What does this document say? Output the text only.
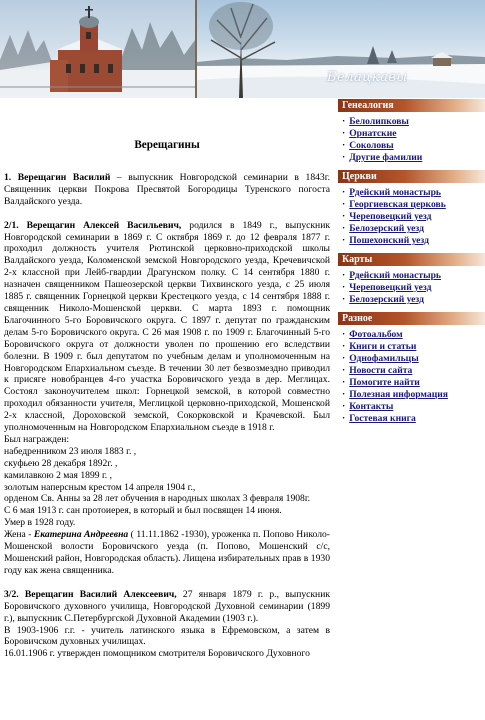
Белацкавы
Верещагины

1. Верещагин Василий – выпускник Новгородской семинарии в 1843г. Священник церкви Покрова Пресвятой Богородицы Туренского погоста Валдайского уезда.

2/1. Верещагин Алексей Васильевич, родился в 1849 г., выпускник Новгородской семинарии в 1869 г. С октября 1869 г. до 12 февраля 1877 г. проходил должность учителя Рютинской церковно-приходской школы Валдайского уезда, Коломенской земской Новгородского уезда, Кречевичской 2-х классной при Лейб-гвардии Драгунском полку. С 14 сентября 1880 г. назначен священником Пашеозерской церкви Тихвинского уезда, с 25 июля 1885 г. священник Горнецкой церкви Крестецкого уезда, с 14 сентября 1888 г. священник Николо-Мошенской церкви. С марта 1893 г. помощник Благочинного 5-го Боровичского округа. С 1897 г. депутат по гражданским делам 5-го Боровичского округа. С 26 мая 1908 г. по 1909 г. Благочинный 5-го Боровичского округа от должности уволен по прошению его вследствии болезни. В 1909 г. был депутатом по учебным делам и уполномоченным на Новгородском Епархиальном съезде. В течении 30 лет безвозмездно приводил к присяге новобранцев 4-го участка Боровичского уезда в дер. Меглицах. Состоял законоучителем школ: Горнецкой земской, в которой совместно проходил обязанности учителя, Меглицкой церковно-приходской, Мошенской 2-х классной, Дороховской земской, Сокорковской и Крачевской. Был уполномоченным на Новгородском Епархиальном съезде в 1918 г.

Был награжден:
набедренником 23 июля 1883 г. ,
скуфьею 28 декабря 1892г. ,
камилавкою 2 мая 1899 г. ,
золотым наперсным крестом 14 апреля 1904 г.,

орденом Св. Анны за 28 лет обучения в народных школах 3 февраля 1908г.

С 6 мая 1913 г. сан протоиерея, в который и был посвящен 14 июня.
Умер в 1928 году.

Жена - Екатерина Андреевна ( 11.11.1862 -1930), уроженка п. Попово Николо-Мошенской волости Боровичского уезда (п. Попово, Мошенский с/с, Мошенский район, Новгородская область). Лищена избирательных прав в 1930 году как жена священника.

3/2. Верещагин Василий Алексеевич, 27 января 1879 г. р., выпускник Боровичского духовного училища, Новгородской Духовной семинарии (1899 г.), выпускник С.Петербургской Духовной Академии (1903 г.).

В 1903-1906 г.г. - учитель латинского языка в Ефремовском, а затем в Боровичском духовных училищах.

16.01.1906 г. утвержден помощником смотрителя Боровичского Духовного

Генеалогия
· Белолипковы
· Орнатские
· Соколовы
· Другие фамилии
Церкви
· Рдейский монастырь
· Георгиевская церковь
· Череповецкий уезд
· Белозерский уезд
· Пошехонский уезд
Карты
· Рдейский монастырь
· Череповецкий уезд
· Белозерский уезд
Разное
· Фотоальбом
· Книги и статьи
· Однофамильцы
· Новости сайта
· Помогите найти
· Полезная информация
· Контакты
· Гостевая книга
